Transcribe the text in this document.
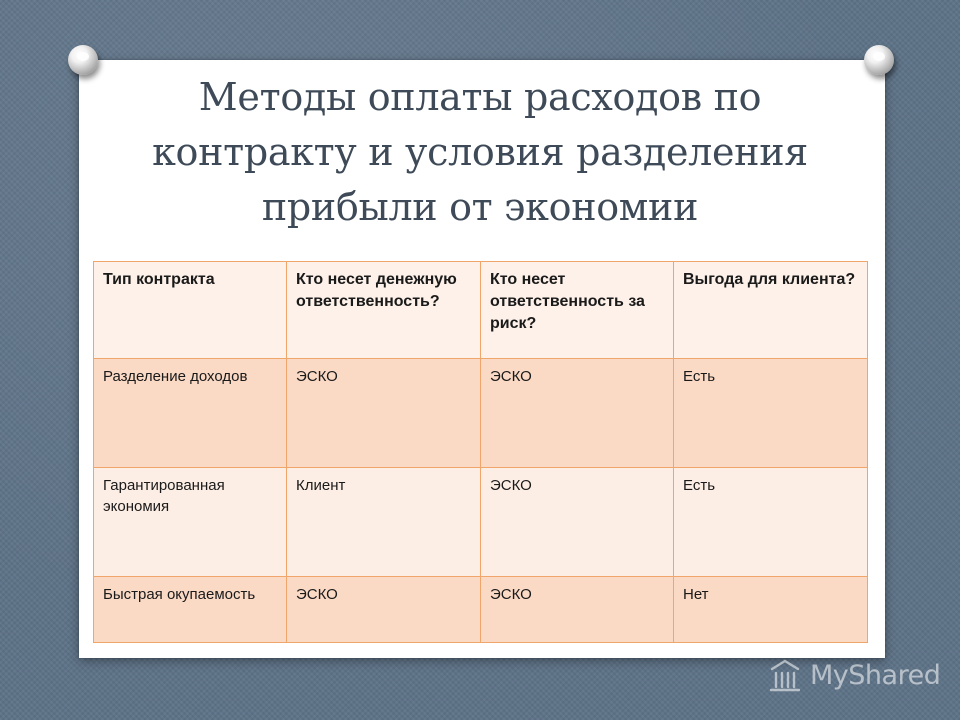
Методы оплаты расходов по контракту и условия разделения прибыли от экономии
Тип контракта	Кто несет денежную ответственность?	Кто несет ответственность за риск?	Выгода для клиента?
Разделение доходов	ЭСКО	ЭСКО	Есть
Гарантированная экономия	Клиент	ЭСКО	Есть
Быстрая окупаемость	ЭСКО	ЭСКО	Нет
MyShared
